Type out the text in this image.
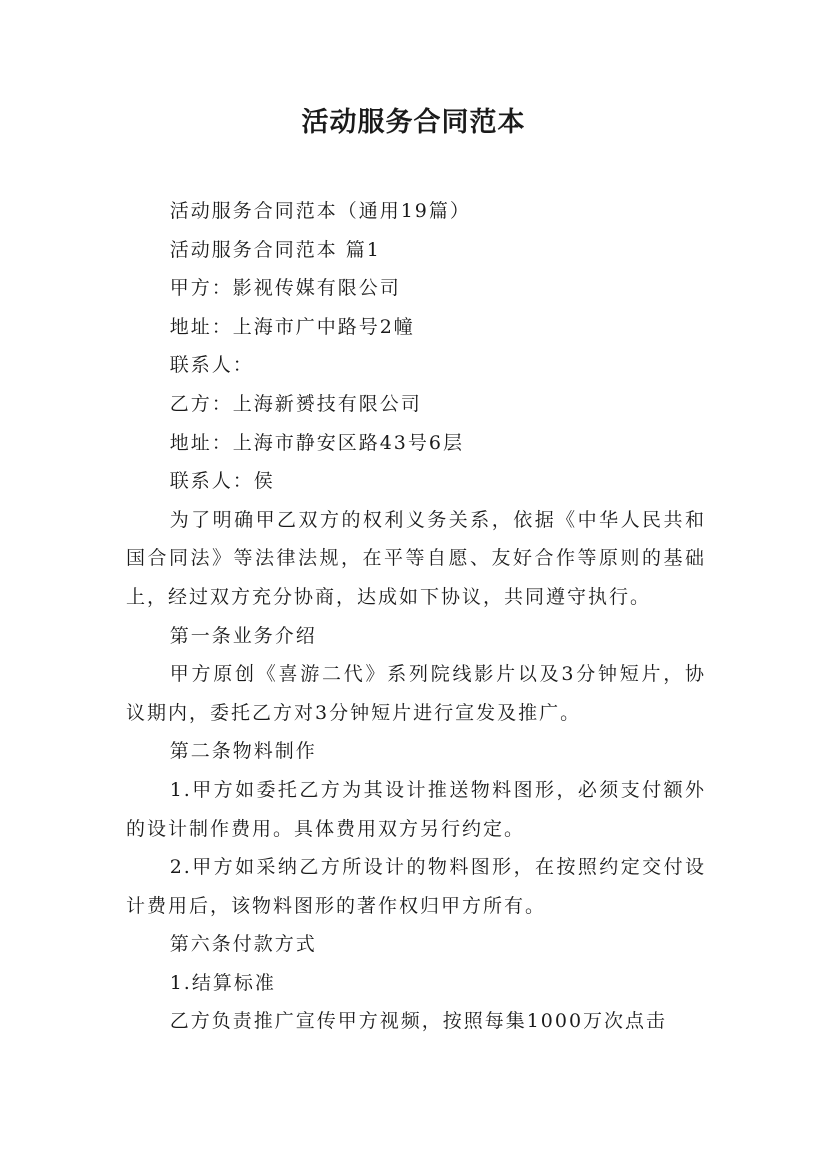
活动服务合同范本

活动服务合同范本（通用19篇）

活动服务合同范本 篇1

甲方：影视传媒有限公司

地址：上海市广中路号2幢

联系人：

乙方：上海新赟技有限公司

地址：上海市静安区路43号6层

联系人：侯

为了明确甲乙双方的权利义务关系，依据《中华人民共和国合同法》等法律法规，在平等自愿、友好合作等原则的基础上，经过双方充分协商，达成如下协议，共同遵守执行。

第一条业务介绍

甲方原创《喜游二代》系列院线影片以及3分钟短片，协议期内，委托乙方对3分钟短片进行宣发及推广。

第二条物料制作

1.甲方如委托乙方为其设计推送物料图形，必须支付额外的设计制作费用。具体费用双方另行约定。

2.甲方如采纳乙方所设计的物料图形，在按照约定交付设计费用后，该物料图形的著作权归甲方所有。

第六条付款方式

1.结算标准

乙方负责推广宣传甲方视频，按照每集1000万次点击
